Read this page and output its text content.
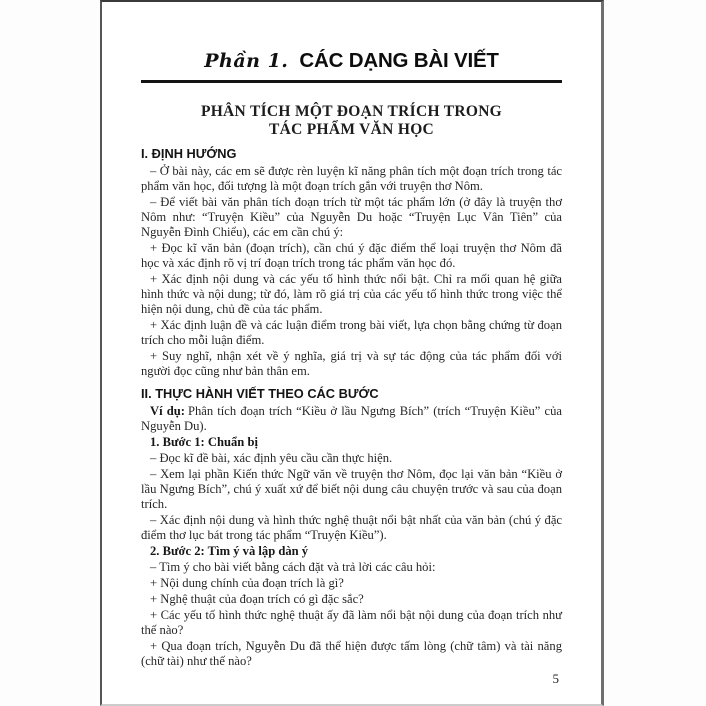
Phần 1. CÁC DẠNG BÀI VIẾT
PHÂN TÍCH MỘT ĐOẠN TRÍCH TRONG
TÁC PHẨM VĂN HỌC
I. ĐỊNH HƯỚNG

– Ở bài này, các em sẽ được rèn luyện kĩ năng phân tích một đoạn trích trong tác phẩm văn học, đối tượng là một đoạn trích gắn với truyện thơ Nôm.

– Để viết bài văn phân tích đoạn trích từ một tác phẩm lớn (ở đây là truyện thơ Nôm như: “Truyện Kiều” của Nguyễn Du hoặc “Truyện Lục Vân Tiên” của Nguyễn Đình Chiểu), các em cần chú ý:

+ Đọc kĩ văn bản (đoạn trích), cần chú ý đặc điểm thể loại truyện thơ Nôm đã học và xác định rõ vị trí đoạn trích trong tác phẩm văn học đó.

+ Xác định nội dung và các yếu tố hình thức nổi bật. Chỉ ra mối quan hệ giữa hình thức và nội dung; từ đó, làm rõ giá trị của các yếu tố hình thức trong việc thể hiện nội dung, chủ đề của tác phẩm.

+ Xác định luận đề và các luận điểm trong bài viết, lựa chọn bằng chứng từ đoạn trích cho mỗi luận điểm.

+ Suy nghĩ, nhận xét về ý nghĩa, giá trị và sự tác động của tác phẩm đối với người đọc cũng như bản thân em.

II. THỰC HÀNH VIẾT THEO CÁC BƯỚC

Ví dụ: Phân tích đoạn trích “Kiều ở lầu Ngưng Bích” (trích “Truyện Kiều” của Nguyễn Du).

1. Bước 1: Chuẩn bị

– Đọc kĩ đề bài, xác định yêu cầu cần thực hiện.

– Xem lại phần Kiến thức Ngữ văn về truyện thơ Nôm, đọc lại văn bản “Kiều ở lầu Ngưng Bích”, chú ý xuất xứ để biết nội dung câu chuyện trước và sau của đoạn trích.

– Xác định nội dung và hình thức nghệ thuật nổi bật nhất của văn bản (chú ý đặc điểm thơ lục bát trong tác phẩm “Truyện Kiều”).

2. Bước 2: Tìm ý và lập dàn ý

– Tìm ý cho bài viết bằng cách đặt và trả lời các câu hỏi:

+ Nội dung chính của đoạn trích là gì?

+ Nghệ thuật của đoạn trích có gì đặc sắc?

+ Các yếu tố hình thức nghệ thuật ấy đã làm nổi bật nội dung của đoạn trích như thế nào?

+ Qua đoạn trích, Nguyễn Du đã thể hiện được tấm lòng (chữ tâm) và tài năng (chữ tài) như thế nào?

5
